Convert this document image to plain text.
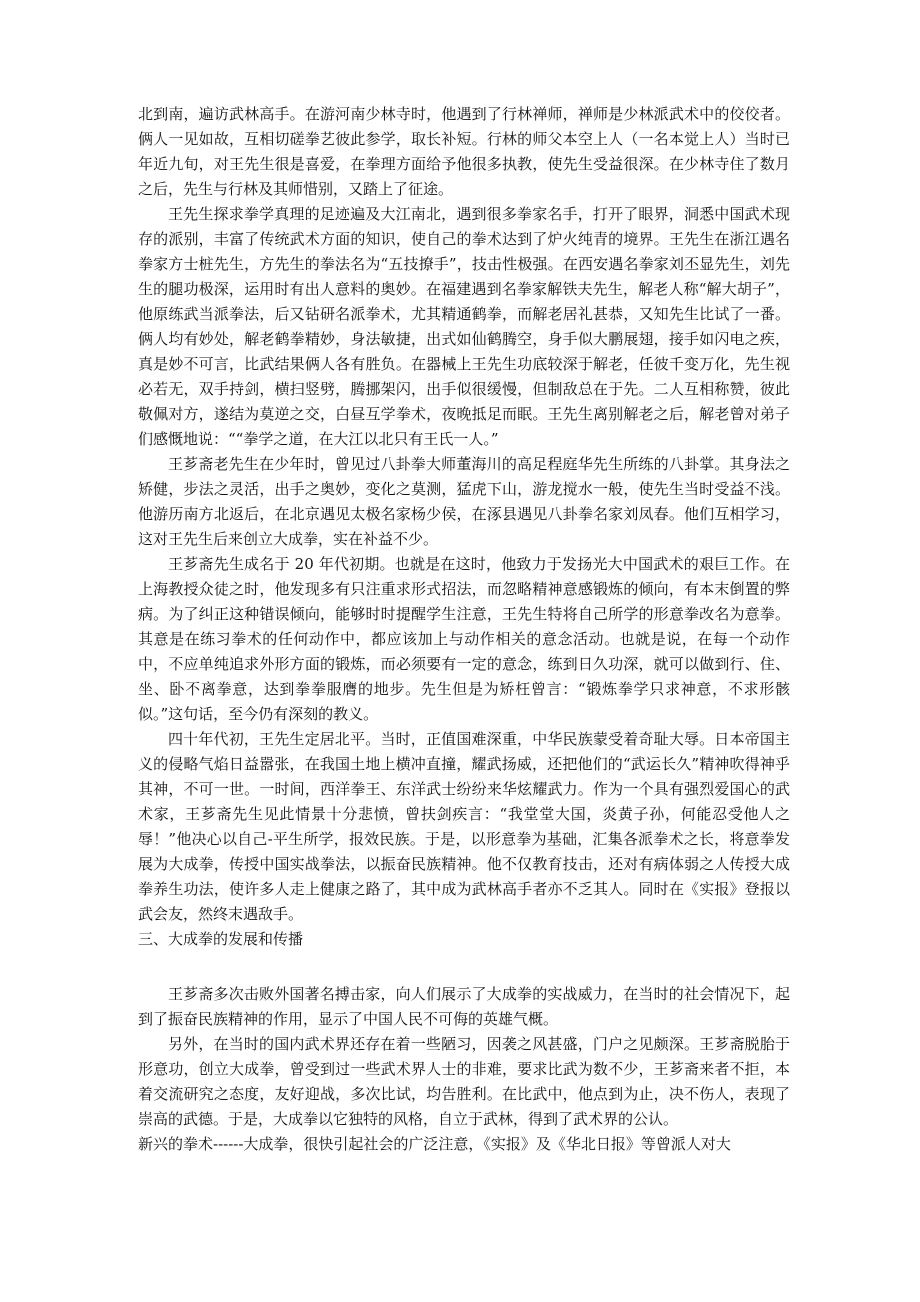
北到南，遍访武林高手。在游河南少林寺时，他遇到了行林禅师，禅师是少林派武术中的佼佼者。俩人一见如故，互相切磋拳艺彼此参学，取长补短。行林的师父本空上人（一名本觉上人）当时已年近九旬，对王先生很是喜爱，在拳理方面给予他很多执教，使先生受益很深。在少林寺住了数月之后，先生与行林及其师惜别，又踏上了征途。

王先生探求拳学真理的足迹遍及大江南北，遇到很多拳家名手，打开了眼界，洞悉中国武术现存的派别，丰富了传统武术方面的知识，使自己的拳术达到了炉火纯青的境界。王先生在浙江遇名拳家方士桩先生，方先生的拳法名为“五技撩手”，技击性极强。在西安遇名拳家刘丕显先生，刘先生的腿功极深，运用时有出人意料的奥妙。在福建遇到名拳家解铁夫先生，解老人称“解大胡子”，他原练武当派拳法，后又钻研名派拳术，尤其精通鹤拳，而解老居礼甚恭，又知先生比试了一番。俩人均有妙处，解老鹤拳精妙，身法敏捷，出式如仙鹤腾空，身手似大鹏展翅，接手如闪电之疾，真是妙不可言，比武结果俩人各有胜负。在器械上王先生功底较深于解老，任彼千变万化，先生视必若无，双手持剑，横扫竖劈，腾挪架闪，出手似很缓慢，但制敌总在于先。二人互相称赞，彼此敬佩对方，遂结为莫逆之交，白昼互学拳术，夜晚抵足而眠。王先生离别解老之后，解老曾对弟子们感慨地说：““拳学之道，在大江以北只有王氏一人。”

王芗斋老先生在少年时，曾见过八卦拳大师董海川的高足程庭华先生所练的八卦掌。其身法之矫健，步法之灵活，出手之奥妙，变化之莫测，猛虎下山，游龙搅水一般，使先生当时受益不浅。他游历南方北返后，在北京遇见太极名家杨少侯，在涿县遇见八卦拳名家刘凤春。他们互相学习，这对王先生后来创立大成拳，实在补益不少。

王芗斋先生成名于 20 年代初期。也就是在这时，他致力于发扬光大中国武术的艰巨工作。在上海教授众徒之时，他发现多有只注重求形式招法，而忽略精神意感锻炼的倾向，有本末倒置的弊病。为了纠正这种错误倾向，能够时时提醒学生注意，王先生特将自己所学的形意拳改名为意拳。其意是在练习拳术的任何动作中，都应该加上与动作相关的意念活动。也就是说，在每一个动作中，不应单纯追求外形方面的锻炼，而必须要有一定的意念，练到日久功深，就可以做到行、住、坐、卧不离拳意，达到拳拳服膺的地步。先生但是为矫枉曾言：“锻炼拳学只求神意，不求形骸似。”这句话，至今仍有深刻的教义。

四十年代初，王先生定居北平。当时，正值国难深重，中华民族蒙受着奇耻大辱。日本帝国主义的侵略气焰日益嚣张，在我国土地上横冲直撞，耀武扬威，还把他们的“武运长久”精神吹得神乎其神，不可一世。一时间，西洋拳王、东洋武士纷纷来华炫耀武力。作为一个具有强烈爱国心的武术家，王芗斋先生见此情景十分悲愤，曾扶剑疾言：“我堂堂大国，炎黄子孙，何能忍受他人之辱！”他决心以自己-平生所学，报效民族。于是，以形意拳为基础，汇集各派拳术之长，将意拳发展为大成拳，传授中国实战拳法，以振奋民族精神。他不仅教育技击，还对有病体弱之人传授大成拳养生功法，使许多人走上健康之路了，其中成为武林高手者亦不乏其人。同时在《实报》登报以武会友，然终末遇敌手。

三、大成拳的发展和传播

王芗斋多次击败外国著名搏击家，向人们展示了大成拳的实战威力，在当时的社会情况下，起到了振奋民族精神的作用，显示了中国人民不可侮的英雄气概。

另外，在当时的国内武术界还存在着一些陋习，因袭之风甚盛，门户之见颇深。王芗斋脱胎于形意功，创立大成拳，曾受到过一些武术界人士的非难，要求比武为数不少，王芗斋来者不拒，本着交流研究之态度，友好迎战，多次比试，均告胜利。在比武中，他点到为止，决不伤人，表现了崇高的武德。于是，大成拳以它独特的风格，自立于武林，得到了武术界的公认。

新兴的拳术------大成拳，很快引起社会的广泛注意，《实报》及《华北日报》等曾派人对大
